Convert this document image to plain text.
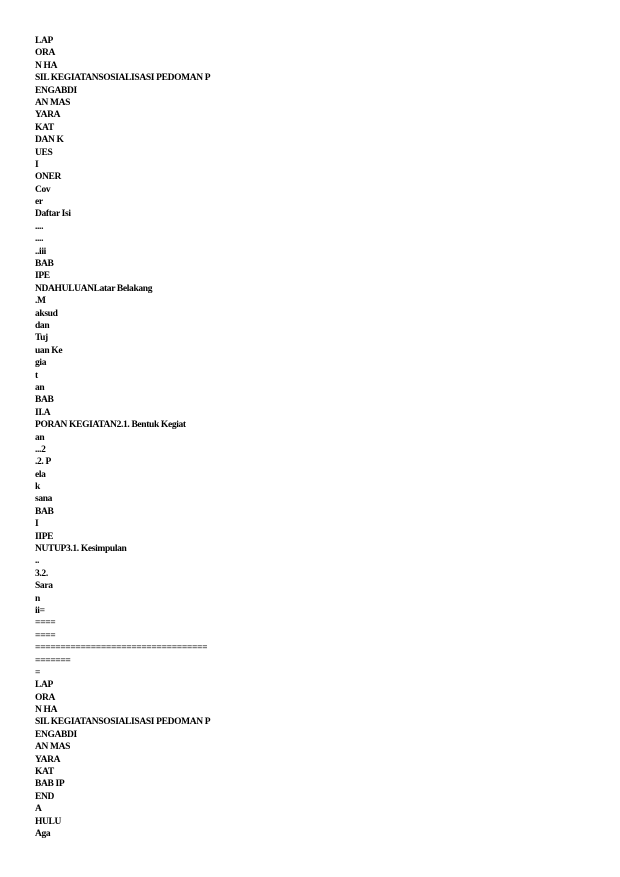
LAP
ORA
N HA
SIL KEGIATANSOSIALISASI PEDOMAN P
ENGABDI
AN MAS
YARA
KAT
DAN K
UES
I
ONER
Cov
er
Daftar Isi
....
....
..iii
BAB
IPE
NDAHULUANLatar Belakang
.M
aksud
dan
Tuj
uan Ke
gia
t
an
BAB
II.A
PORAN KEGIATAN2.1. Bentuk Kegiat
an
...2
.2. P
ela
k
sana
BAB
I
IIPE
NUTUP3.1. Kesimpulan
..
3.2.
Sara
n
ii=
====
====
==================================
=======
=
LAP
ORA
N HA
SIL KEGIATANSOSIALISASI PEDOMAN P
ENGABDI
AN MAS
YARA
KAT
BAB IP
END
A
HULU
Aga
